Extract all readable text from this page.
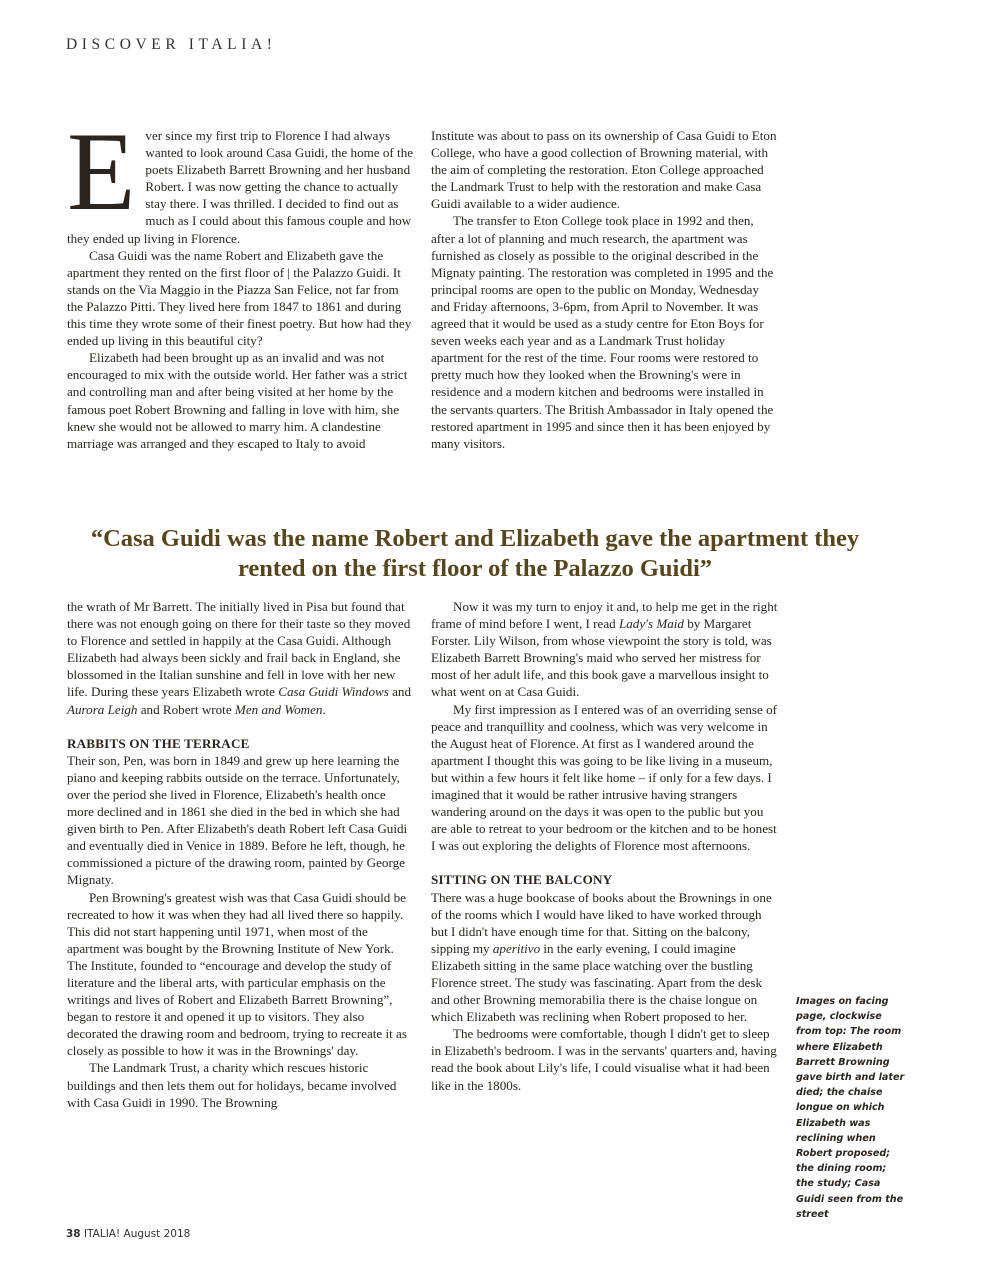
DISCOVER ITALIA!

Ever since my first trip to Florence I had always wanted to look around Casa Guidi, the home of the poets Elizabeth Barrett Browning and her husband Robert. I was now getting the chance to actually stay there. I was thrilled. I decided to find out as much as I could about this famous couple and how they ended up living in Florence.

Casa Guidi was the name Robert and Elizabeth gave the apartment they rented on the first floor of | the Palazzo Guidi. It stands on the Via Maggio in the Piazza San Felice, not far from the Palazzo Pitti. They lived here from 1847 to 1861 and during this time they wrote some of their finest poetry. But how had they ended up living in this beautiful city?

Elizabeth had been brought up as an invalid and was not encouraged to mix with the outside world. Her father was a strict and controlling man and after being visited at her home by the famous poet Robert Browning and falling in love with him, she knew she would not be allowed to marry him. A clandestine marriage was arranged and they escaped to Italy to avoid

Institute was about to pass on its ownership of Casa Guidi to Eton College, who have a good collection of Browning material, with the aim of completing the restoration. Eton College approached the Landmark Trust to help with the restoration and make Casa Guidi available to a wider audience.

The transfer to Eton College took place in 1992 and then, after a lot of planning and much research, the apartment was furnished as closely as possible to the original described in the Mignaty painting. The restoration was completed in 1995 and the principal rooms are open to the public on Monday, Wednesday and Friday afternoons, 3-6pm, from April to November. It was agreed that it would be used as a study centre for Eton Boys for seven weeks each year and as a Landmark Trust holiday apartment for the rest of the time. Four rooms were restored to pretty much how they looked when the Browning's were in residence and a modern kitchen and bedrooms were installed in the servants quarters. The British Ambassador in Italy opened the restored apartment in 1995 and since then it has been enjoyed by many visitors.

“Casa Guidi was the name Robert and Elizabeth gave the apartment they rented on the first floor of the Palazzo Guidi”

the wrath of Mr Barrett. The initially lived in Pisa but found that there was not enough going on there for their taste so they moved to Florence and settled in happily at the Casa Guidi. Although Elizabeth had always been sickly and frail back in England, she blossomed in the Italian sunshine and fell in love with her new life. During these years Elizabeth wrote Casa Guidi Windows and Aurora Leigh and Robert wrote Men and Women.

RABBITS ON THE TERRACE

Their son, Pen, was born in 1849 and grew up here learning the piano and keeping rabbits outside on the terrace. Unfortunately, over the period she lived in Florence, Elizabeth's health once more declined and in 1861 she died in the bed in which she had given birth to Pen. After Elizabeth's death Robert left Casa Guidi and eventually died in Venice in 1889. Before he left, though, he commissioned a picture of the drawing room, painted by George Mignaty.

Pen Browning's greatest wish was that Casa Guidi should be recreated to how it was when they had all lived there so happily. This did not start happening until 1971, when most of the apartment was bought by the Browning Institute of New York. The Institute, founded to “encourage and develop the study of literature and the liberal arts, with particular emphasis on the writings and lives of Robert and Elizabeth Barrett Browning”, began to restore it and opened it up to visitors. They also decorated the drawing room and bedroom, trying to recreate it as closely as possible to how it was in the Brownings' day.

The Landmark Trust, a charity which rescues historic buildings and then lets them out for holidays, became involved with Casa Guidi in 1990. The Browning

Now it was my turn to enjoy it and, to help me get in the right frame of mind before I went, I read Lady's Maid by Margaret Forster. Lily Wilson, from whose viewpoint the story is told, was Elizabeth Barrett Browning's maid who served her mistress for most of her adult life, and this book gave a marvellous insight to what went on at Casa Guidi.

My first impression as I entered was of an overriding sense of peace and tranquillity and coolness, which was very welcome in the August heat of Florence. At first as I wandered around the apartment I thought this was going to be like living in a museum, but within a few hours it felt like home – if only for a few days. I imagined that it would be rather intrusive having strangers wandering around on the days it was open to the public but you are able to retreat to your bedroom or the kitchen and to be honest I was out exploring the delights of Florence most afternoons.

SITTING ON THE BALCONY

There was a huge bookcase of books about the Brownings in one of the rooms which I would have liked to have worked through but I didn't have enough time for that. Sitting on the balcony, sipping my aperitivo in the early evening, I could imagine Elizabeth sitting in the same place watching over the bustling Florence street. The study was fascinating. Apart from the desk and other Browning memorabilia there is the chaise longue on which Elizabeth was reclining when Robert proposed to her.

The bedrooms were comfortable, though I didn't get to sleep in Elizabeth's bedroom. I was in the servants' quarters and, having read the book about Lily's life, I could visualise what it had been like in the 1800s.

Images on facing page, clockwise from top: The room where Elizabeth Barrett Browning gave birth and later died; the chaise longue on which Elizabeth was reclining when Robert proposed; the dining room; the study; Casa Guidi seen from the street
38 ITALIA! August 2018
